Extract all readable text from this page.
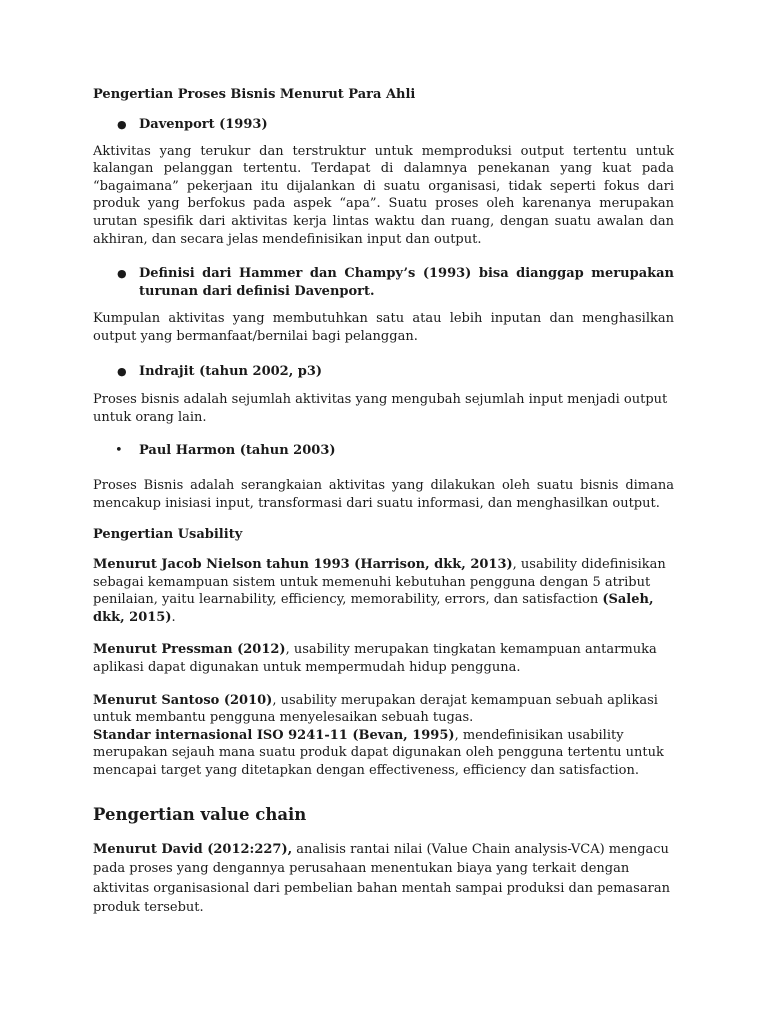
Pengertian Proses Bisnis Menurut Para Ahli

● Davenport (1993)

Aktivitas yang terukur dan terstruktur untuk memproduksi output tertentu untuk kalangan pelanggan tertentu. Terdapat di dalamnya penekanan yang kuat pada “bagaimana” pekerjaan itu dijalankan di suatu organisasi, tidak seperti fokus dari produk yang berfokus pada aspek “apa”. Suatu proses oleh karenanya merupakan urutan spesifik dari aktivitas kerja lintas waktu dan ruang, dengan suatu awalan dan akhiran, dan secara jelas mendefinisikan input dan output.

● Definisi dari Hammer dan Champy’s (1993) bisa dianggap merupakan turunan dari definisi Davenport.

Kumpulan aktivitas yang membutuhkan satu atau lebih inputan dan menghasilkan output yang bermanfaat/bernilai bagi pelanggan.

● Indrajit (tahun 2002, p3)

Proses bisnis adalah sejumlah aktivitas yang mengubah sejumlah input menjadi output untuk orang lain.

• Paul Harmon (tahun 2003)

Proses Bisnis adalah serangkaian aktivitas yang dilakukan oleh suatu bisnis dimana mencakup inisiasi input, transformasi dari suatu informasi, dan menghasilkan output.

Pengertian Usability

Menurut Jacob Nielson tahun 1993 (Harrison, dkk, 2013), usability didefinisikan sebagai kemampuan sistem untuk memenuhi kebutuhan pengguna dengan 5 atribut penilaian, yaitu learnability, efficiency, memorability, errors, dan satisfaction (Saleh, dkk, 2015).

Menurut Pressman (2012), usability merupakan tingkatan kemampuan antarmuka aplikasi dapat digunakan untuk mempermudah hidup pengguna.

Menurut Santoso (2010), usability merupakan derajat kemampuan sebuah aplikasi untuk membantu pengguna menyelesaikan sebuah tugas.

Standar internasional ISO 9241-11 (Bevan, 1995), mendefinisikan usability merupakan sejauh mana suatu produk dapat digunakan oleh pengguna tertentu untuk mencapai target yang ditetapkan dengan effectiveness, efficiency dan satisfaction.

Pengertian value chain

Menurut David (2012:227), analisis rantai nilai (Value Chain analysis-VCA) mengacu pada proses yang dengannya perusahaan menentukan biaya yang terkait dengan aktivitas organisasional dari pembelian bahan mentah sampai produksi dan pemasaran produk tersebut.
